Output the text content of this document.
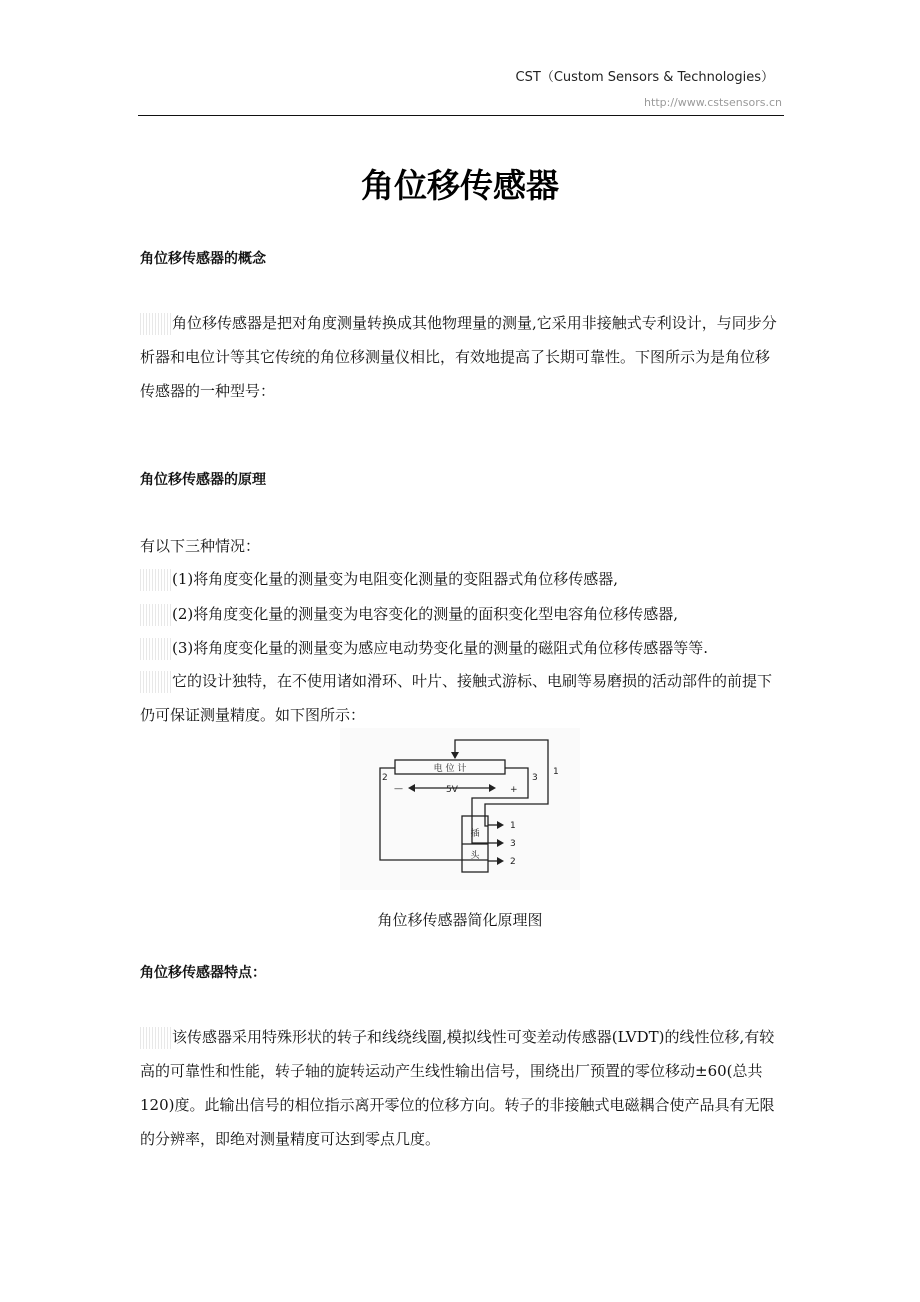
CST（Custom Sensors & Technologies）
http://www.cstsensors.cn
角位移传感器
角位移传感器的概念

角位移传感器是把对角度测量转换成其他物理量的测量,它采用非接触式专利设计，与同步分析器和电位计等其它传统的角位移测量仪相比，有效地提高了长期可靠性。下图所示为是角位移传感器的一种型号：

角位移传感器的原理
有以下三种情况：
(1)将角度变化量的测量变为电阻变化测量的变阻器式角位移传感器,
(2)将角度变化量的测量变为电容变化的测量的面积变化型电容角位移传感器,
(3)将角度变化量的测量变为感应电动势变化量的测量的磁阻式角位移传感器等等.

它的设计独特，在不使用诸如滑环、叶片、接触式游标、电刷等易磨损的活动部件的前提下仍可保证测量精度。如下图所示：

电 位 计
5V
—	+
2	3
1
插
头
1
3
2
角位移传感器简化原理图
角位移传感器特点：

该传感器采用特殊形状的转子和线绕线圈,模拟线性可变差动传感器(LVDT)的线性位移,有较高的可靠性和性能，转子轴的旋转运动产生线性输出信号，围绕出厂预置的零位移动±60(总共120)度。此输出信号的相位指示离开零位的位移方向。转子的非接触式电磁耦合使产品具有无限的分辨率，即绝对测量精度可达到零点几度。
